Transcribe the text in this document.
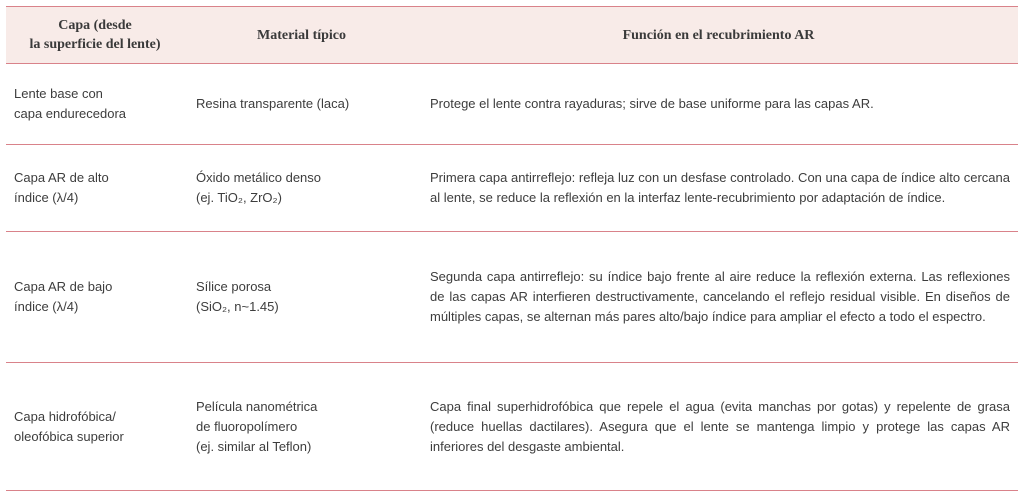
Capa (desde
la superficie del lente)
Material típico	Función en el recubrimiento AR
Lente base con
capa endurecedora
Resina transparente (laca)	Protege el lente contra rayaduras; sirve de base uniforme para las capas AR.
Capa AR de alto
índice (λ/4)
Óxido metálico denso
(ej. TiO₂, ZrO₂)
Primera capa antirreflejo: refleja luz con un desfase controlado. Con una capa de índice alto cercana al lente, se reduce la reflexión en la interfaz lente-recubrimiento por adaptación de índice.
Capa AR de bajo
índice (λ/4)
Sílice porosa
(SiO₂, n~1.45)
Segunda capa antirreflejo: su índice bajo frente al aire reduce la reflexión externa. Las reflexiones de las capas AR interfieren destructivamente, cancelando el reflejo residual visible. En diseños de múltiples capas, se alternan más pares alto/bajo índice para ampliar el efecto a todo el espectro.
Capa hidrofóbica/
oleofóbica superior
Película nanométrica
de fluoropolímero
(ej. similar al Teflon)
Capa final superhidrofóbica que repele el agua (evita manchas por gotas) y repelente de grasa (reduce huellas dactilares). Asegura que el lente se mantenga limpio y protege las capas AR inferiores del desgaste ambiental.
